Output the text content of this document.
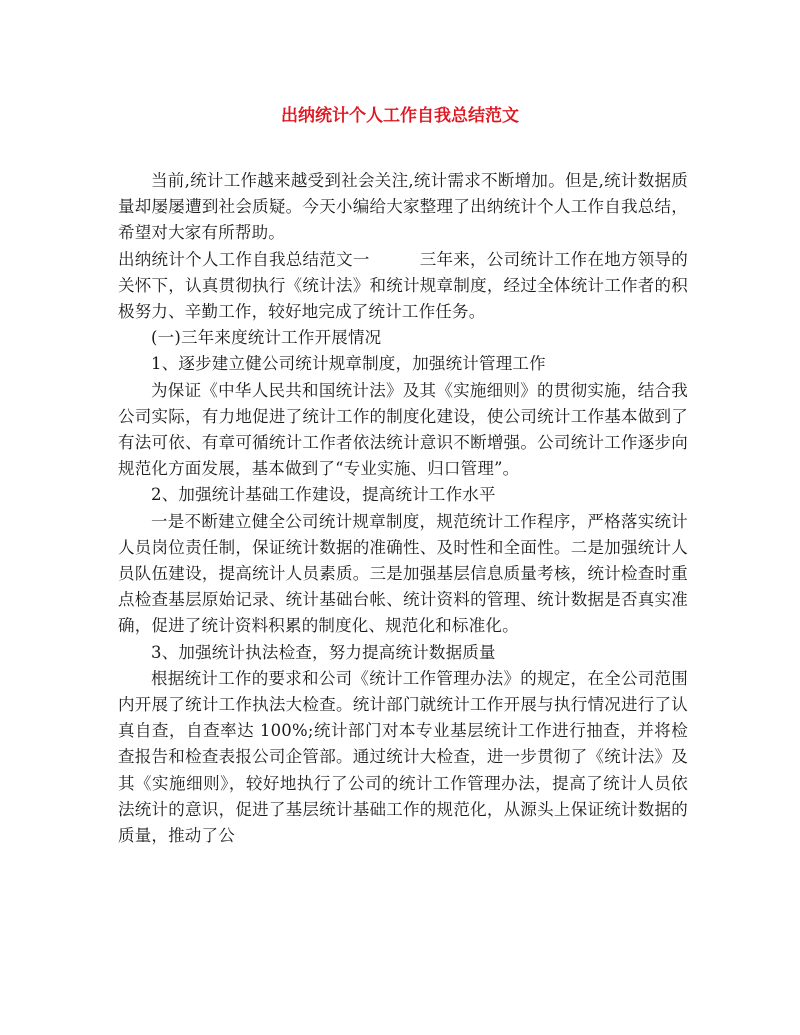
出纳统计个人工作自我总结范文

当前,统计工作越来越受到社会关注,统计需求不断增加。但是,统计数据质量却屡屡遭到社会质疑。今天小编给大家整理了出纳统计个人工作自我总结，希望对大家有所帮助。

出纳统计个人工作自我总结范文一	三年来，公司统计工作在地方领导的关怀下，认真贯彻执行《统计法》和统计规章制度，经过全体统计工作者的积极努力、辛勤工作，较好地完成了统计工作任务。

(一)三年来度统计工作开展情况

1、逐步建立健公司统计规章制度，加强统计管理工作

为保证《中华人民共和国统计法》及其《实施细则》的贯彻实施，结合我公司实际，有力地促进了统计工作的制度化建设，使公司统计工作基本做到了有法可依、有章可循统计工作者依法统计意识不断增强。公司统计工作逐步向规范化方面发展，基本做到了“专业实施、归口管理”。

2、加强统计基础工作建设，提高统计工作水平

一是不断建立健全公司统计规章制度，规范统计工作程序，严格落实统计人员岗位责任制，保证统计数据的准确性、及时性和全面性。二是加强统计人员队伍建设，提高统计人员素质。三是加强基层信息质量考核，统计检查时重点检查基层原始记录、统计基础台帐、统计资料的管理、统计数据是否真实准确，促进了统计资料积累的制度化、规范化和标准化。

3、加强统计执法检查，努力提高统计数据质量

根据统计工作的要求和公司《统计工作管理办法》的规定，在全公司范围内开展了统计工作执法大检查。统计部门就统计工作开展与执行情况进行了认真自查，自查率达 100%;统计部门对本专业基层统计工作进行抽查，并将检查报告和检查表报公司企管部。通过统计大检查，进一步贯彻了《统计法》及其《实施细则》，较好地执行了公司的统计工作管理办法，提高了统计人员依法统计的意识，促进了基层统计基础工作的规范化，从源头上保证统计数据的质量，推动了公
